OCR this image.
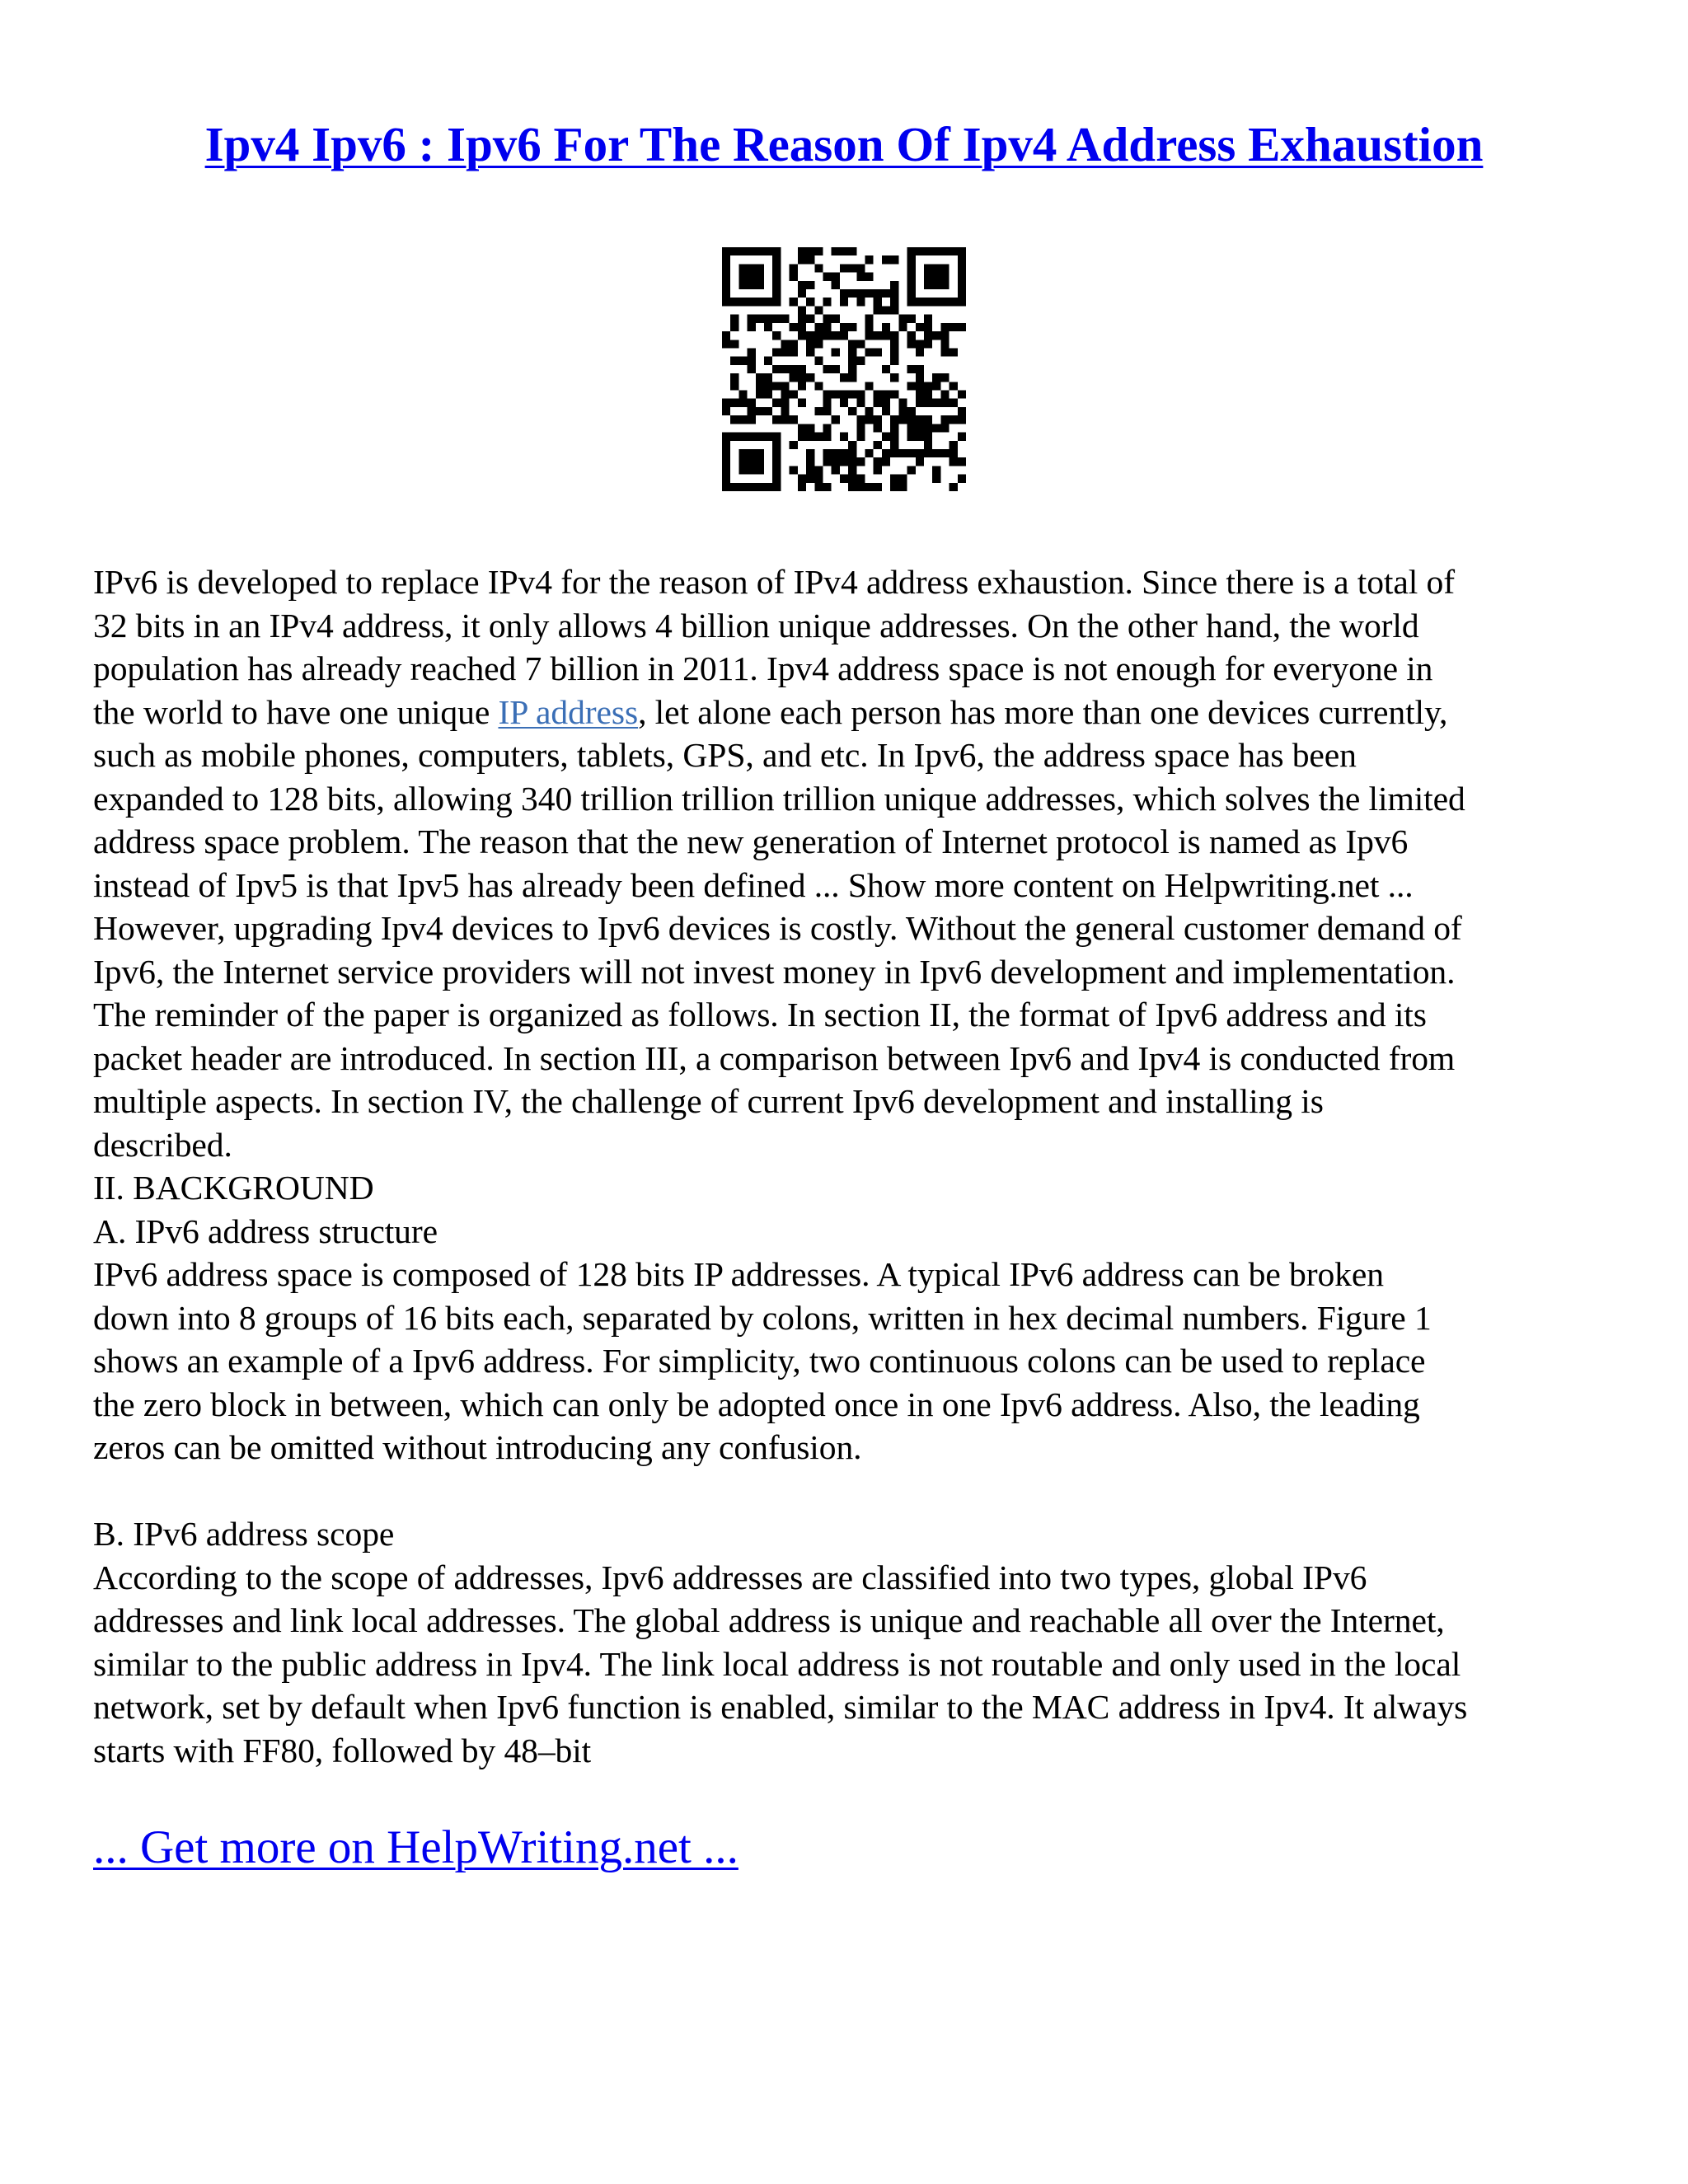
Ipv4 Ipv6 : Ipv6 For The Reason Of Ipv4 Address Exhaustion
IPv6 is developed to replace IPv4 for the reason of IPv4 address exhaustion. Since there is a total of
32 bits in an IPv4 address, it only allows 4 billion unique addresses. On the other hand, the world
population has already reached 7 billion in 2011. Ipv4 address space is not enough for everyone in
the world to have one unique IP address, let alone each person has more than one devices currently,
such as mobile phones, computers, tablets, GPS, and etc. In Ipv6, the address space has been
expanded to 128 bits, allowing 340 trillion trillion trillion unique addresses, which solves the limited
address space problem. The reason that the new generation of Internet protocol is named as Ipv6
instead of Ipv5 is that Ipv5 has already been defined ... Show more content on Helpwriting.net ...
However, upgrading Ipv4 devices to Ipv6 devices is costly. Without the general customer demand of
Ipv6, the Internet service providers will not invest money in Ipv6 development and implementation.
The reminder of the paper is organized as follows. In section II, the format of Ipv6 address and its
packet header are introduced. In section III, a comparison between Ipv6 and Ipv4 is conducted from
multiple aspects. In section IV, the challenge of current Ipv6 development and installing is
described.
II. BACKGROUND
A. IPv6 address structure
IPv6 address space is composed of 128 bits IP addresses. A typical IPv6 address can be broken
down into 8 groups of 16 bits each, separated by colons, written in hex decimal numbers. Figure 1
shows an example of a Ipv6 address. For simplicity, two continuous colons can be used to replace
the zero block in between, which can only be adopted once in one Ipv6 address. Also, the leading
zeros can be omitted without introducing any confusion.
B. IPv6 address scope
According to the scope of addresses, Ipv6 addresses are classified into two types, global IPv6
addresses and link local addresses. The global address is unique and reachable all over the Internet,
similar to the public address in Ipv4. The link local address is not routable and only used in the local
network, set by default when Ipv6 function is enabled, similar to the MAC address in Ipv4. It always
starts with FF80, followed by 48–bit
... Get more on HelpWriting.net ...
